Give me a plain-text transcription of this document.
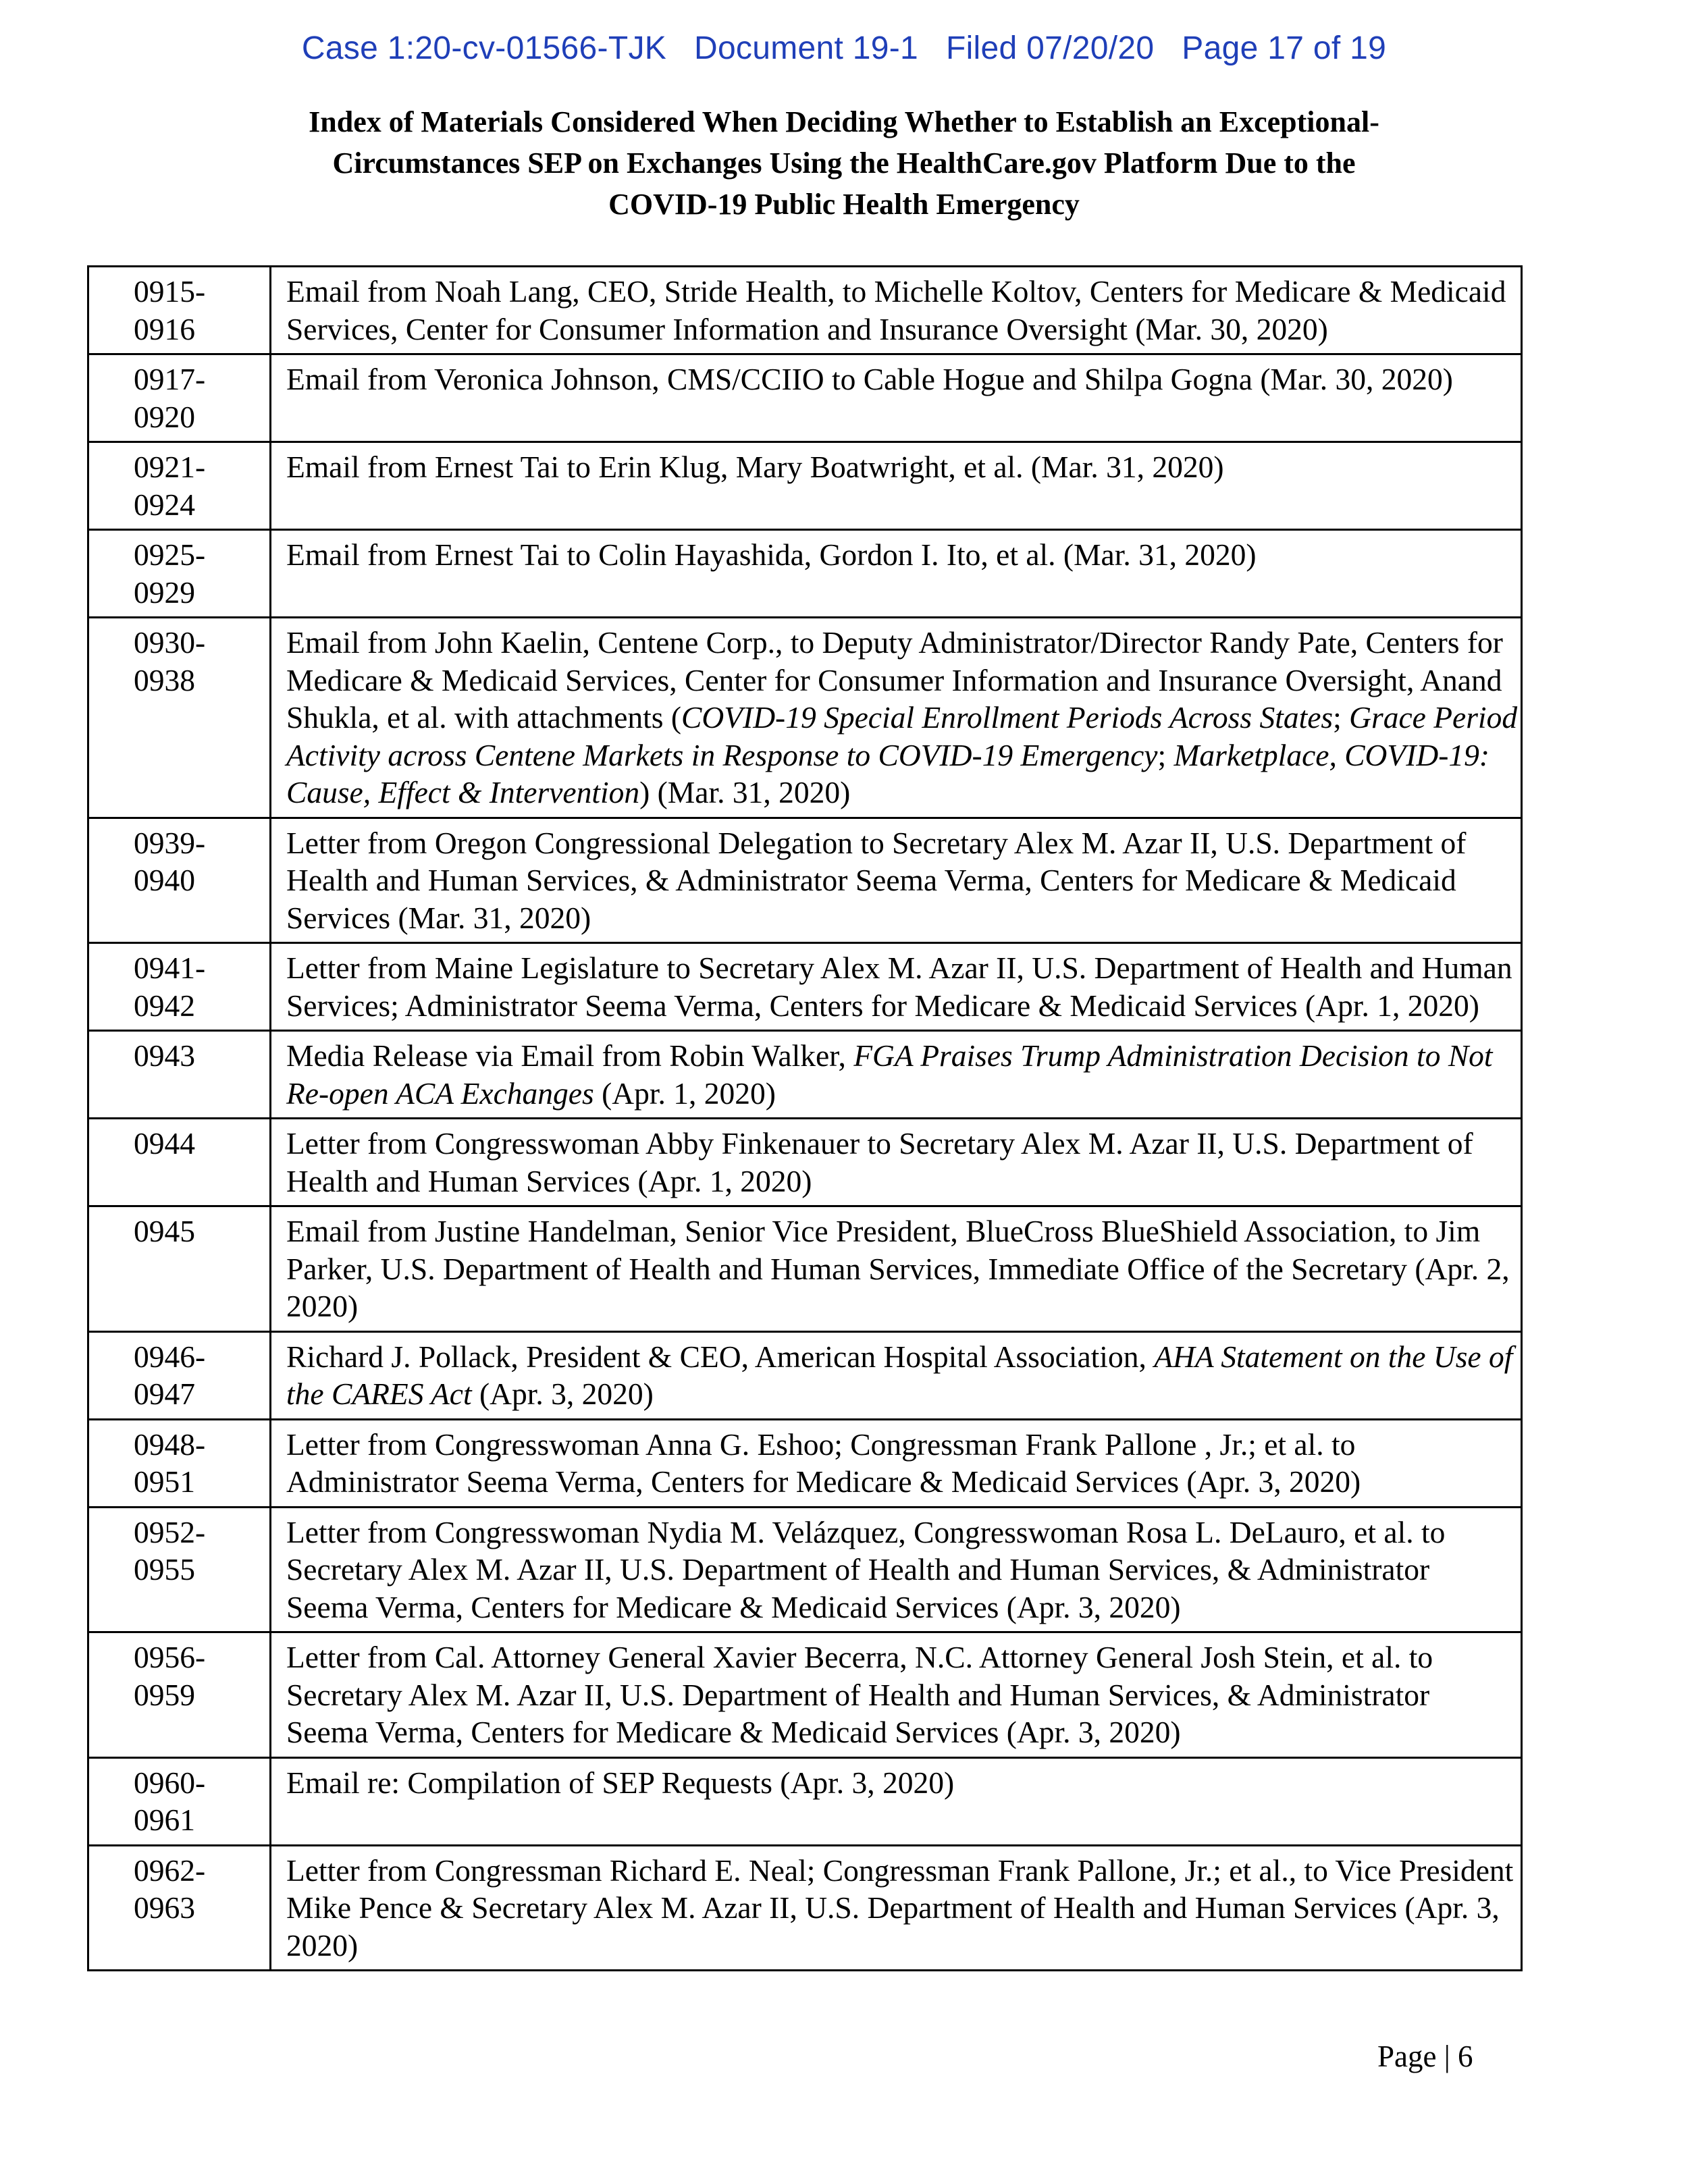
Case 1:20-cv-01566-TJK   Document 19-1   Filed 07/20/20   Page 17 of 19
Index of Materials Considered When Deciding Whether to Establish an Exceptional-
Circumstances SEP on Exchanges Using the HealthCare.gov Platform Due to the
COVID-19 Public Health Emergency
0915-
0916	Email from Noah Lang, CEO, Stride Health, to Michelle Koltov, Centers for Medicare & Medicaid Services, Center for Consumer Information and Insurance Oversight (Mar. 30, 2020)

0917-
0920	Email from Veronica Johnson, CMS/CCIIO to Cable Hogue and Shilpa Gogna (Mar. 30, 2020)

0921-
0924	Email from Ernest Tai to Erin Klug, Mary Boatwright, et al. (Mar. 31, 2020)

0925-
0929	Email from Ernest Tai to Colin Hayashida, Gordon I. Ito, et al. (Mar. 31, 2020)

0930-
0938	Email from John Kaelin, Centene Corp., to Deputy Administrator/Director Randy Pate, Centers for Medicare & Medicaid Services, Center for Consumer Information and Insurance Oversight, Anand Shukla, et al. with attachments (COVID-19 Special Enrollment Periods Across States; Grace Period Activity across Centene Markets in Response to COVID-19 Emergency; Marketplace, COVID-19: Cause, Effect & Intervention) (Mar. 31, 2020)

0939-
0940	Letter from Oregon Congressional Delegation to Secretary Alex M. Azar II, U.S. Department of Health and Human Services, & Administrator Seema Verma, Centers for Medicare & Medicaid Services (Mar. 31, 2020)

0941-
0942	Letter from Maine Legislature to Secretary Alex M. Azar II, U.S. Department of Health and Human Services; Administrator Seema Verma, Centers for Medicare & Medicaid Services (Apr. 1, 2020)

0943	Media Release via Email from Robin Walker, FGA Praises Trump Administration Decision to Not Re-open ACA Exchanges (Apr. 1, 2020)

0944	Letter from Congresswoman Abby Finkenauer to Secretary Alex M. Azar II, U.S. Department of Health and Human Services (Apr. 1, 2020)

0945	Email from Justine Handelman, Senior Vice President, BlueCross BlueShield Association, to Jim Parker, U.S. Department of Health and Human Services, Immediate Office of the Secretary (Apr. 2, 2020)

0946-
0947	Richard J. Pollack, President & CEO, American Hospital Association, AHA Statement on the Use of the CARES Act (Apr. 3, 2020)

0948-
0951	Letter from Congresswoman Anna G. Eshoo; Congressman Frank Pallone , Jr.; et al. to Administrator Seema Verma, Centers for Medicare & Medicaid Services (Apr. 3, 2020)

0952-
0955	Letter from Congresswoman Nydia M. Velázquez, Congresswoman Rosa L. DeLauro, et al. to Secretary Alex M. Azar II, U.S. Department of Health and Human Services, & Administrator Seema Verma, Centers for Medicare & Medicaid Services (Apr. 3, 2020)

0956-
0959	Letter from Cal. Attorney General Xavier Becerra, N.C. Attorney General Josh Stein, et al. to Secretary Alex M. Azar II, U.S. Department of Health and Human Services, & Administrator Seema Verma, Centers for Medicare & Medicaid Services (Apr. 3, 2020)

0960-
0961	Email re: Compilation of SEP Requests (Apr. 3, 2020)

0962-
0963	Letter from Congressman Richard E. Neal; Congressman Frank Pallone, Jr.; et al., to Vice President Mike Pence & Secretary Alex M. Azar II, U.S. Department of Health and Human Services (Apr. 3, 2020)
Page | 6
